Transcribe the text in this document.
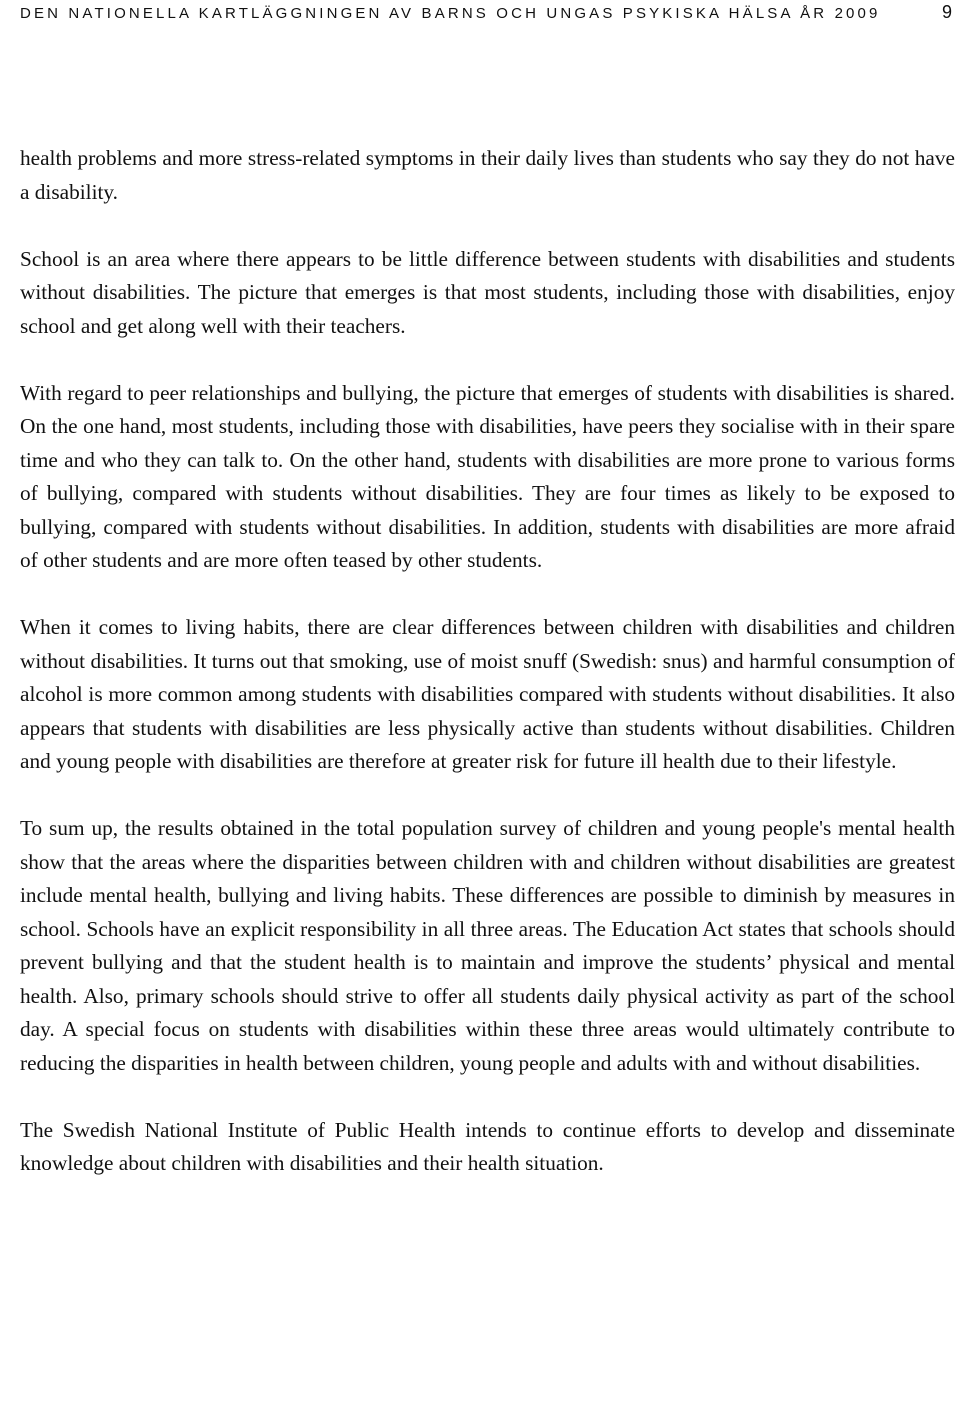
DEN NATIONELLA KARTLÄGGNINGEN AV BARNS OCH UNGAS PSYKISKA HÄLSA ÅR 2009	9

health problems and more stress-related symptoms in their daily lives than students who say they do not have a disability.

School is an area where there appears to be little difference between students with disabilities and students without disabilities. The picture that emerges is that most students, including those with disabilities, enjoy school and get along well with their teachers.

With regard to peer relationships and bullying, the picture that emerges of students with disabilities is shared. On the one hand, most students, including those with disabilities, have peers they socialise with in their spare time and who they can talk to. On the other hand, students with disabilities are more prone to various forms of bullying, compared with students without disabilities. They are four times as likely to be exposed to bullying, compared with students without disabilities. In addition, students with disabilities are more afraid of other students and are more often teased by other students.

When it comes to living habits, there are clear differences between children with disabilities and children without disabilities. It turns out that smoking, use of moist snuff (Swedish: snus) and harmful consumption of alcohol is more common among students with disabilities compared with students without disabilities. It also appears that students with disabilities are less physically active than students without disabilities. Children and young people with disabilities are therefore at greater risk for future ill health due to their lifestyle.

To sum up, the results obtained in the total population survey of children and young people's mental health show that the areas where the disparities between children with and children without disabilities are greatest include mental health, bullying and living habits. These differences are possible to diminish by measures in school. Schools have an explicit responsibility in all three areas. The Education Act states that schools should prevent bullying and that the student health is to maintain and improve the students’ physical and mental health. Also, primary schools should strive to offer all students daily physical activity as part of the school day. A special focus on students with disabilities within these three areas would ultimately contribute to reducing the disparities in health between children, young people and adults with and without disabilities.

The Swedish National Institute of Public Health intends to continue efforts to develop and disseminate knowledge about children with disabilities and their health situation.
